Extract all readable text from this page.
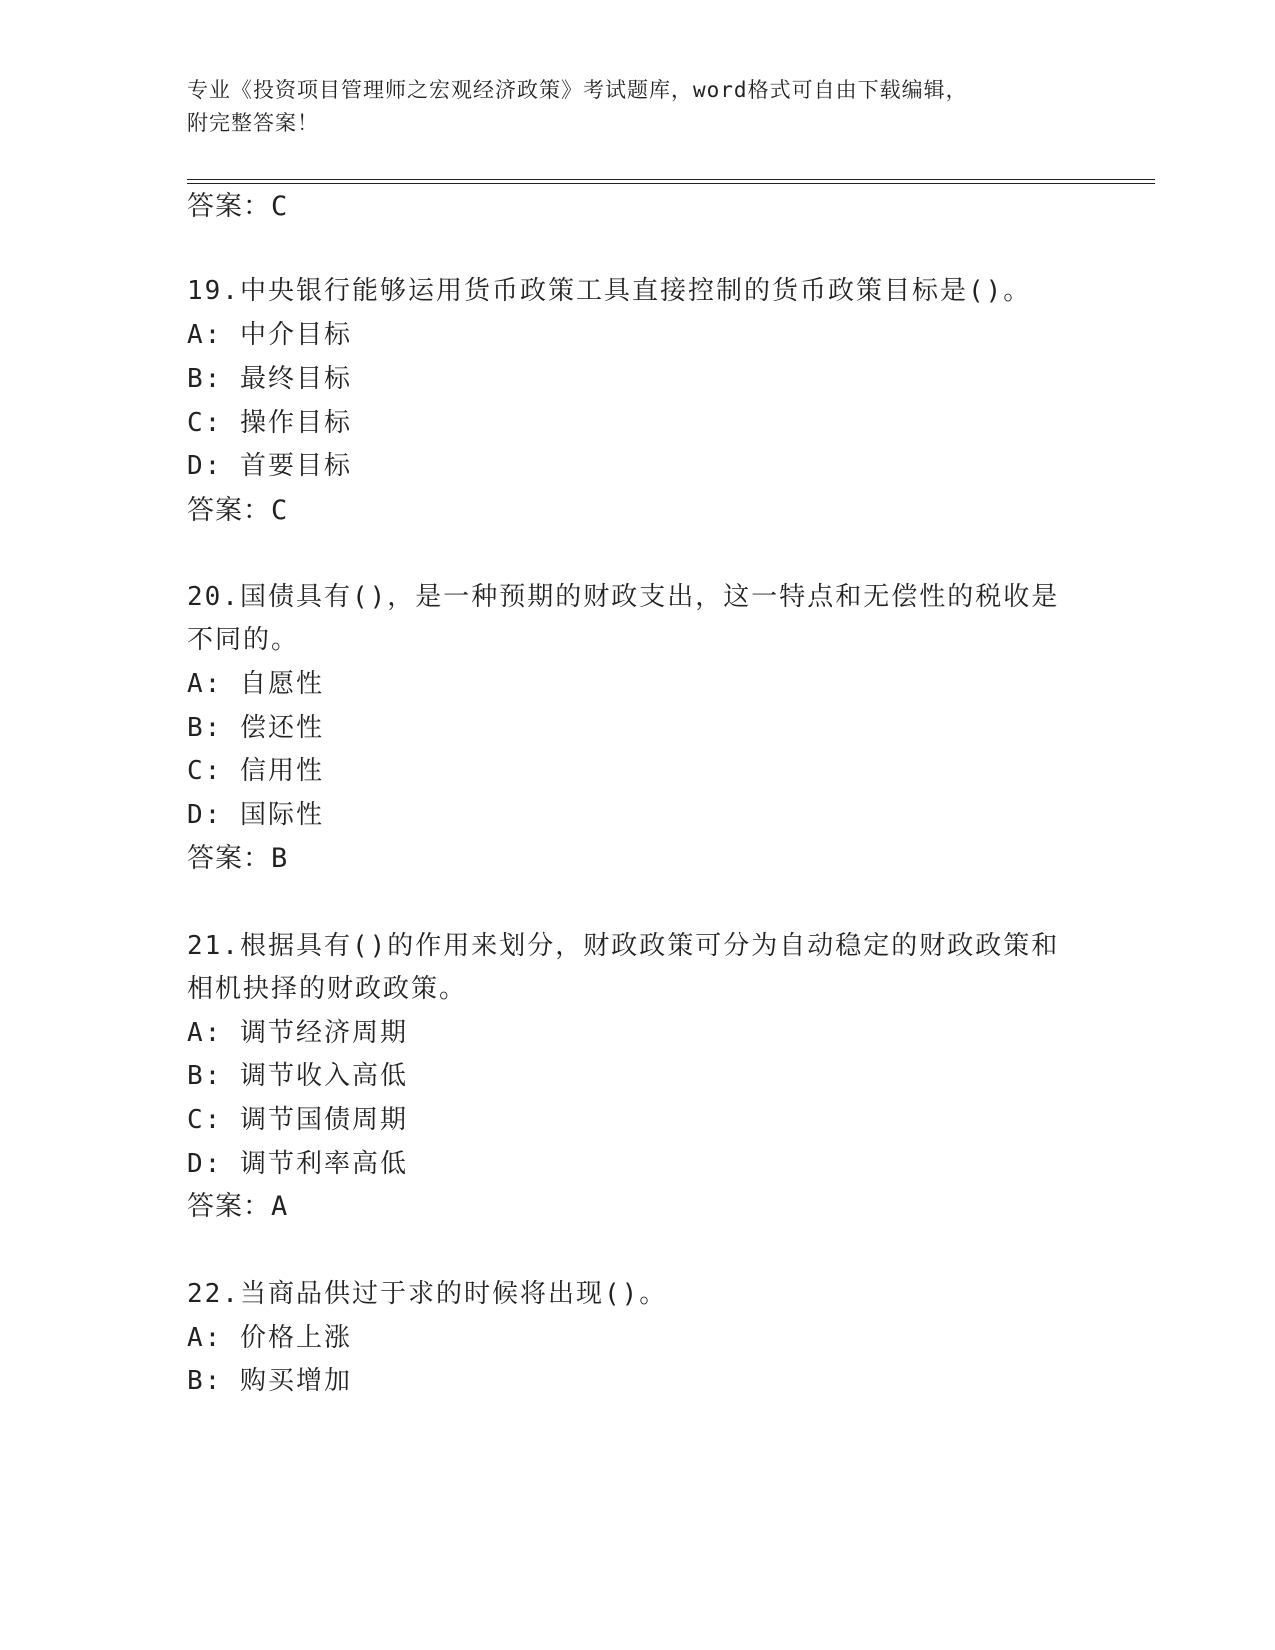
专业《投资项目管理师之宏观经济政策》考试题库，word格式可自由下载编辑，
附完整答案！
答案：C
19.中央银行能够运用货币政策工具直接控制的货币政策目标是()。
A: 中介目标
B: 最终目标
C: 操作目标
D: 首要目标
答案：C
20.国债具有()，是一种预期的财政支出，这一特点和无偿性的税收是
不同的。
A: 自愿性
B: 偿还性
C: 信用性
D: 国际性
答案：B
21.根据具有()的作用来划分，财政政策可分为自动稳定的财政政策和
相机抉择的财政政策。
A: 调节经济周期
B: 调节收入高低
C: 调节国债周期
D: 调节利率高低
答案：A
22.当商品供过于求的时候将出现()。
A: 价格上涨
B: 购买增加
